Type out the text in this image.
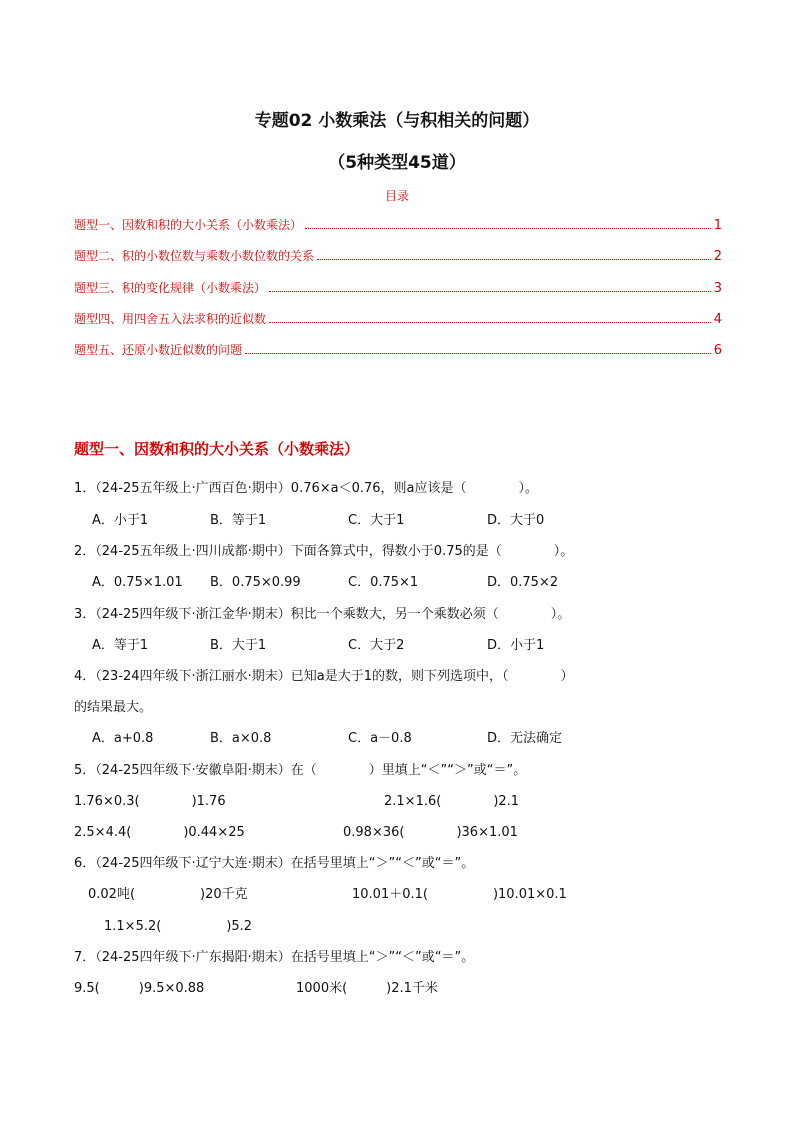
专题02 小数乘法（与积相关的问题）
（5种类型45道）
目录
题型一、因数和积的大小关系（小数乘法）	1
题型二、积的小数位数与乘数小数位数的关系	2
题型三、积的变化规律（小数乘法）	3
题型四、用四舍五入法求积的近似数	4
题型五、还原小数近似数的问题	6
题型一、因数和积的大小关系（小数乘法）
1．（24-25五年级上·广西百色·期中）0.76×a＜0.76，则a应该是（　　　　）。
A．小于1	B．等于1	C．大于1	D．大于0
2．（24-25五年级上·四川成都·期中）下面各算式中，得数小于0.75的是（　　　　）。
A．0.75×1.01 B．0.75×0.99	C．0.75×1	D．0.75×2
3．（24-25四年级下·浙江金华·期末）积比一个乘数大，另一个乘数必须（　　　　）。
A．等于1	B．大于1	C．大于2	D．小于1
4．（23-24四年级下·浙江丽水·期末）已知a是大于1的数，则下列选项中，（　　　　）
的结果最大。
A．a+0.8	B．a×0.8	C．a－0.8	D．无法确定
5．（24-25四年级下·安徽阜阳·期末）在（　　　　）里填上“＜”“＞”或“＝”。
1.76×0.3(　　　　)1.76	2.1×1.6(　　　　)2.1
2.5×4.4(　　　　)0.44×25	0.98×36(　　　　)36×1.01
6．（24-25四年级下·辽宁大连·期末）在括号里填上“＞”“＜”或“＝”。
0.02吨(　　　　　)20千克	10.01＋0.1(　　　　　)10.01×0.1
1.1×5.2(　　　　　)5.2
7．（24-25四年级下·广东揭阳·期末）在括号里填上“＞”“＜”或“＝”。
9.5(　　　)9.5×0.88	1000米(　　　)2.1千米
